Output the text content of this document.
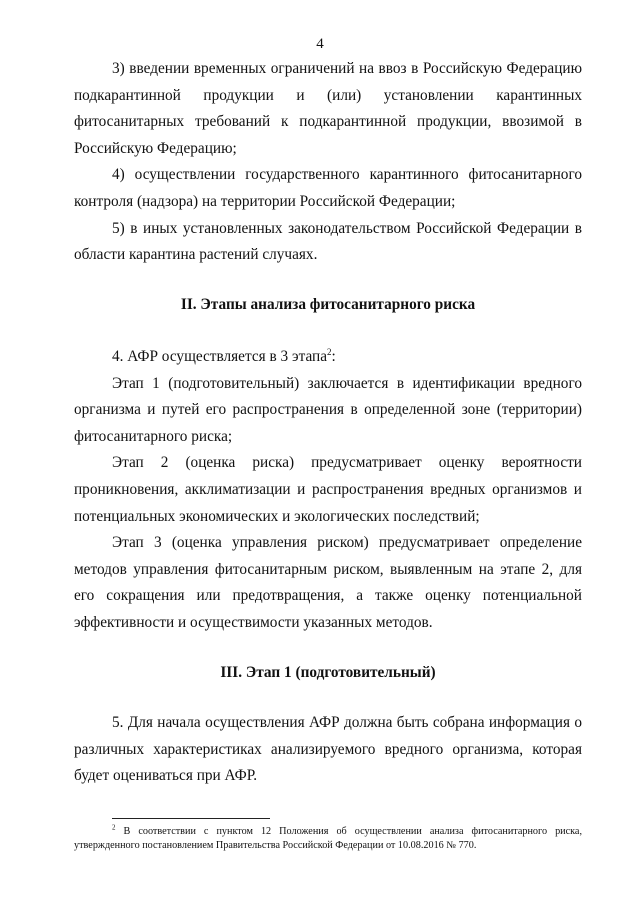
4

3) введении временных ограничений на ввоз в Российскую Федерацию подкарантинной продукции и (или) установлении карантинных фитосанитарных требований к подкарантинной продукции, ввозимой в Российскую Федерацию;

4) осуществлении государственного карантинного фитосанитарного контроля (надзора) на территории Российской Федерации;

5) в иных установленных законодательством Российской Федерации в области карантина растений случаях.

II. Этапы анализа фитосанитарного риска

4. АФР осуществляется в 3 этапа$^2$:

Этап 1 (подготовительный) заключается в идентификации вредного организма и путей его распространения в определенной зоне (территории) фитосанитарного риска;

Этап 2 (оценка риска) предусматривает оценку вероятности проникновения, акклиматизации и распространения вредных организмов и потенциальных экономических и экологических последствий;

Этап 3 (оценка управления риском) предусматривает определение методов управления фитосанитарным риском, выявленным на этапе 2, для его сокращения или предотвращения, а также оценку потенциальной эффективности и осуществимости указанных методов.

III. Этап 1 (подготовительный)

5. Для начала осуществления АФР должна быть собрана информация о различных характеристиках анализируемого вредного организма, которая будет оцениваться при АФР.

$^2$ В соответствии с пунктом 12 Положения об осуществлении анализа фитосанитарного риска, утвержденного постановлением Правительства Российской Федерации от 10.08.2016 № 770.
